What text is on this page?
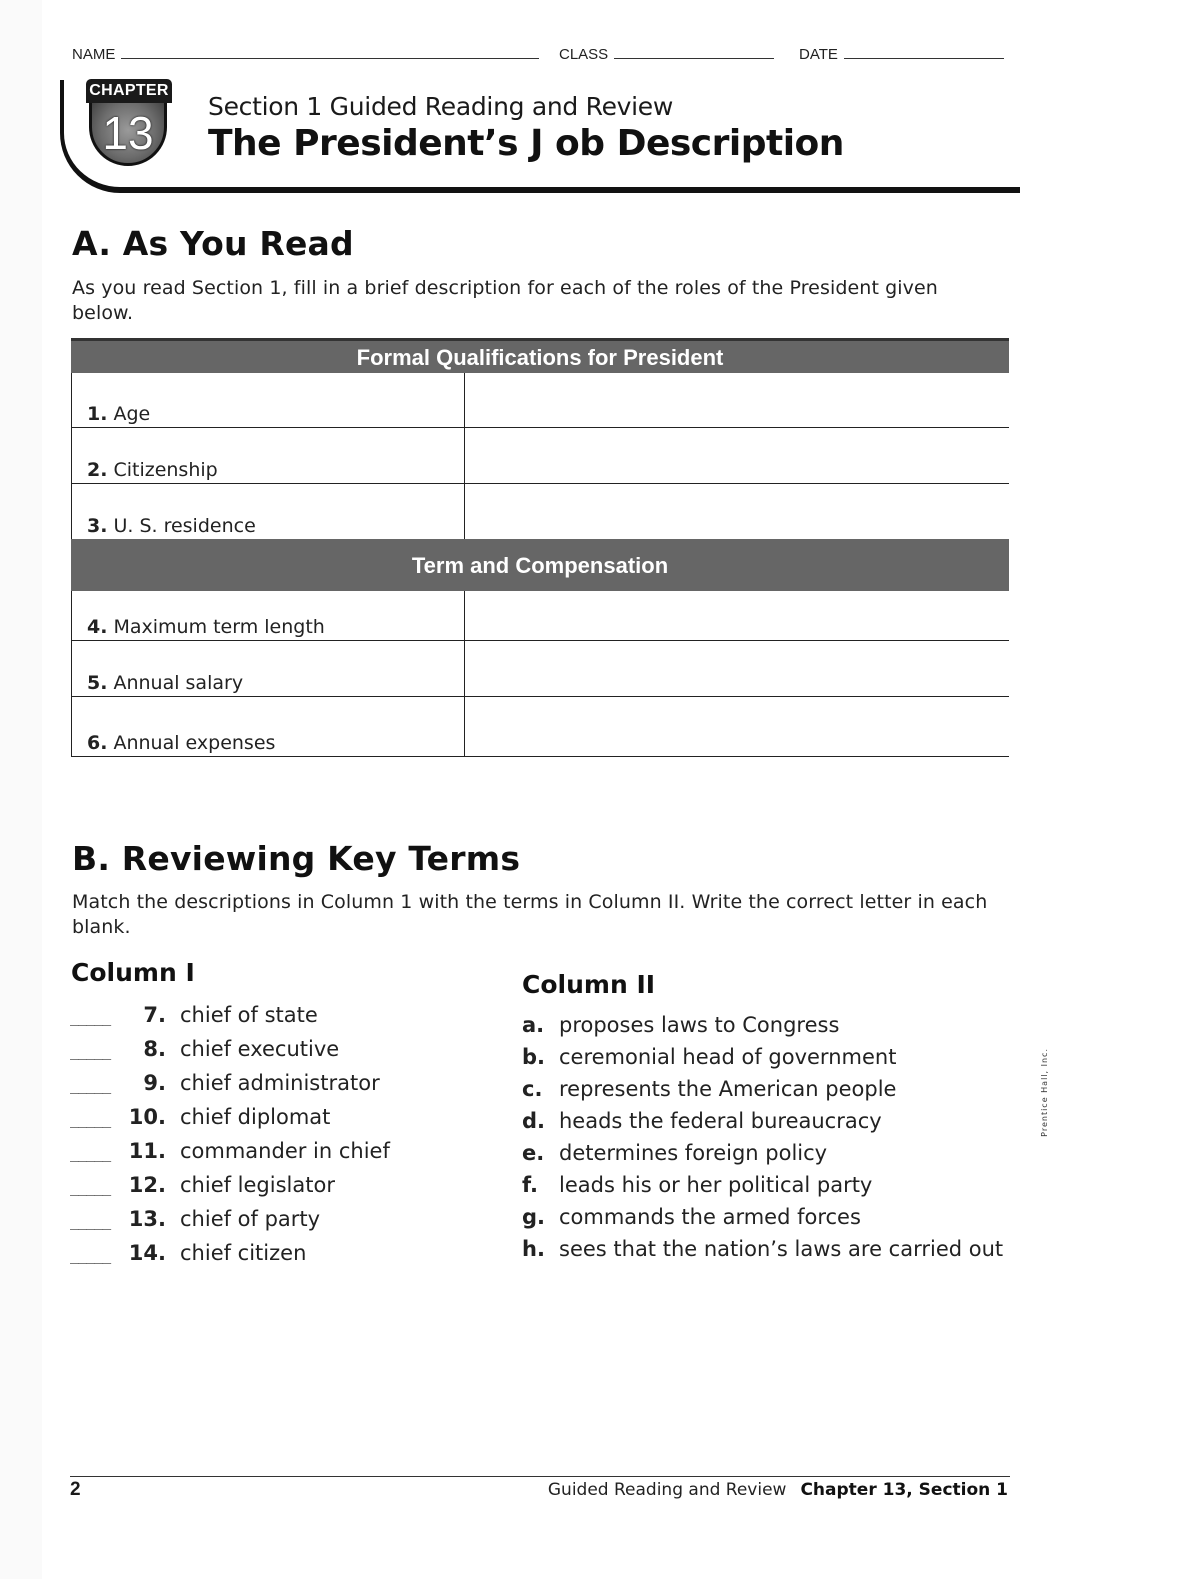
NAME	CLASS	DATE
13
CHAPTER
Section 1 Guided Reading and Review
The President’s J ob Description
A. As You Read
As you read Section 1, fill in a brief description for each of the roles of the President given below.
Formal Qualifications for President
1. Age
2. Citizenship
3. U. S. residence
Term and Compensation
4. Maximum term length
5. Annual salary
6. Annual expenses
B. Reviewing Key Terms
Match the descriptions in Column 1 with the terms in Column II. Write the correct letter in each blank.
Column I	Column II
_____ 7. chief of state
_____ 8. chief executive
_____ 9. chief administrator
_____ 10. chief diplomat
_____ 11. commander in chief
_____ 12. chief legislator
_____ 13. chief of party
_____ 14. chief citizen
a. proposes laws to Congress
b. ceremonial head of government
c. represents the American people
d. heads the federal bureaucracy
e. determines foreign policy
f. leads his or her political party
g. commands the armed forces
h. sees that the nation’s laws are carried out
Prentice Hall, Inc.
2	Guided Reading and Review Chapter 13, Section 1
